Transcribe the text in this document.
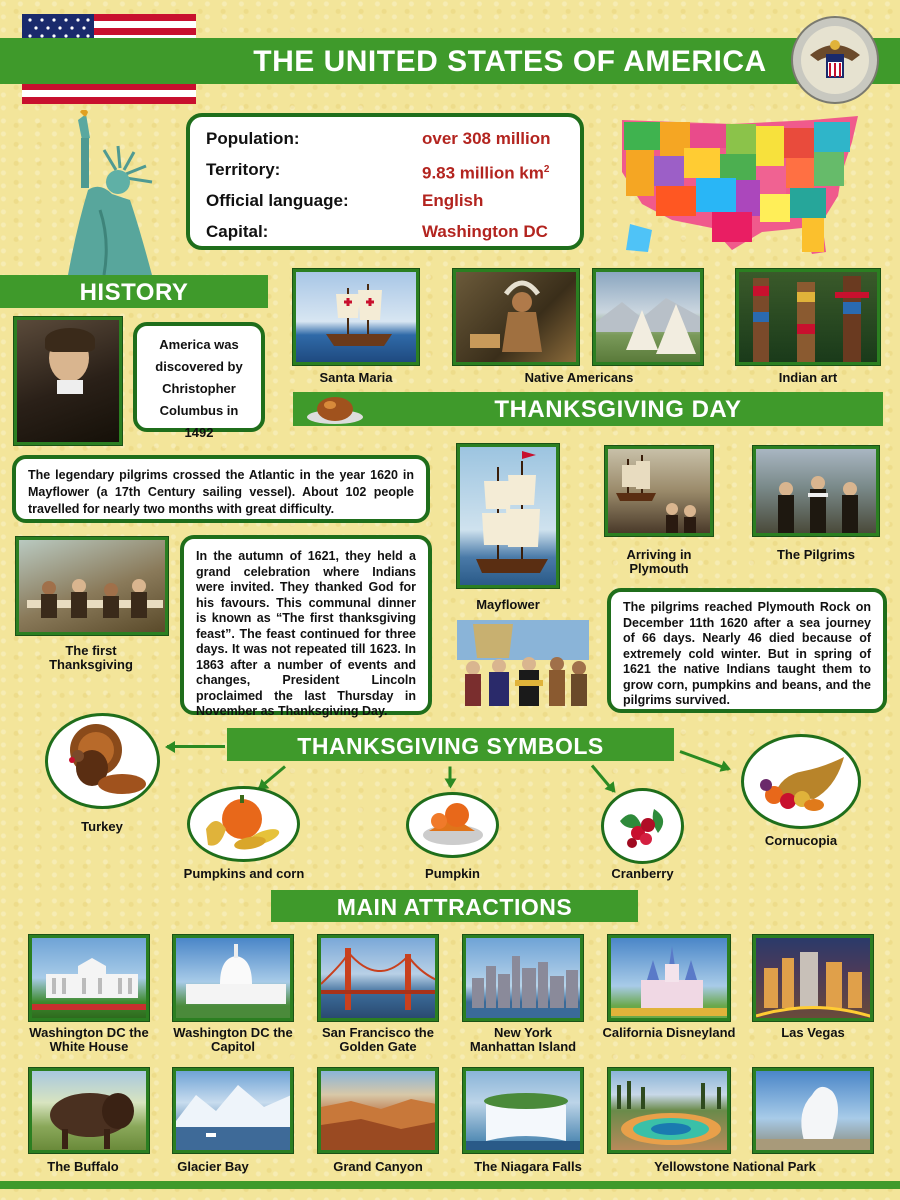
THE UNITED STATES OF AMERICA
Population:	over 308 million
Territory:	9.83 million $km^2$
Official language:	English
Capital:	Washington DC
HISTORY
America was discovered by Christopher Columbus in 1492
Santa Maria	Native Americans	Indian art
THANKSGIVING DAY
The legendary pilgrims crossed the Atlantic in the year 1620 in Mayflower (a 17th Century sailing vessel). About 102 people travelled for nearly two months with great difficulty.
The first Thanksgiving
In the autumn of 1621, they held a grand celebration where Indians were invited. They thanked God for his favours. This communal dinner is known as “The first thanksgiving feast”. The feast continued for three days. It was not repeated till 1623. In 1863 after a number of events and changes, President Lincoln proclaimed the last Thursday in November as Thanksgiving Day.
Mayflower
Arriving in Plymouth
The Pilgrims
The pilgrims reached Plymouth Rock on December 11th 1620 after a sea journey of 66 days. Nearly 46 died because of extremely cold winter. But in spring of 1621 the native Indians taught them to grow corn, pumpkins and beans, and the pilgrims survived.
THANKSGIVING SYMBOLS
Turkey
Pumpkins and corn	Pumpkin	Cranberry
Cornucopia
MAIN ATTRACTIONS
Washington DC the White House
Washington DC the Capitol
San Francisco the Golden Gate
New York Manhattan Island
California Disneyland	Las Vegas
The Buffalo	Glacier Bay	Grand Canyon	The Niagara Falls	Yellowstone National Park
